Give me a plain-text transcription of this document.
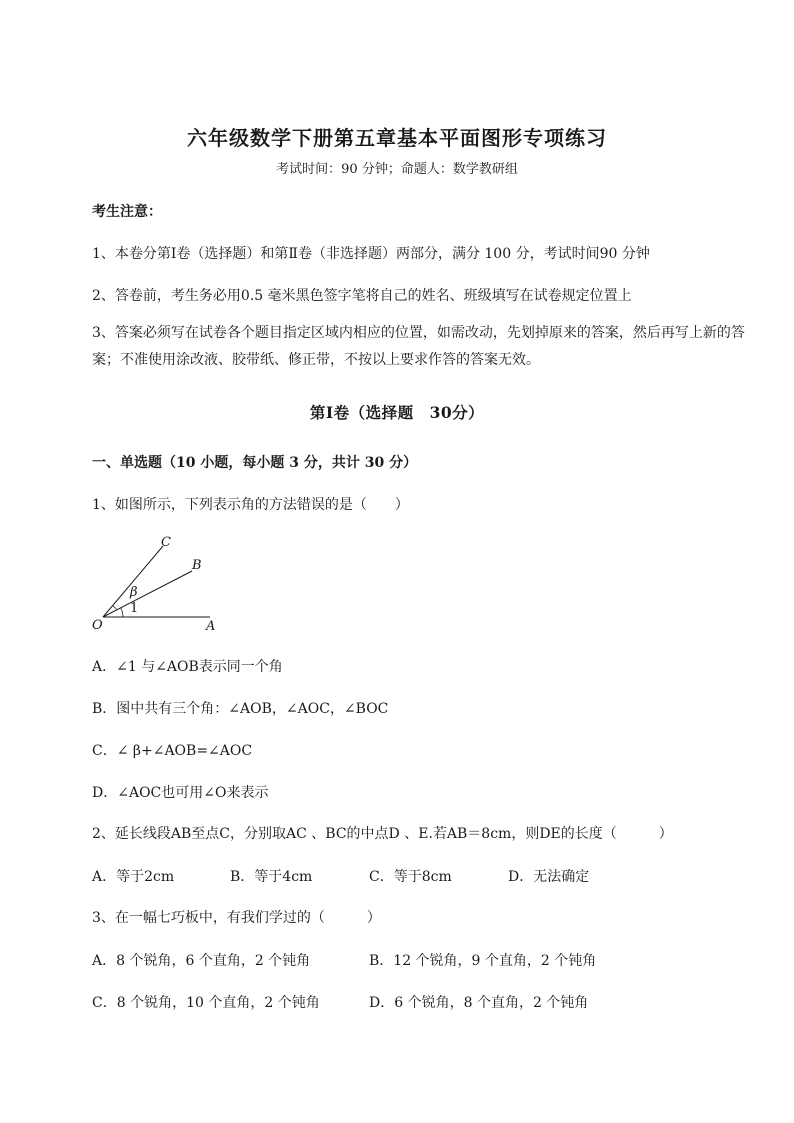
六年级数学下册第五章基本平面图形专项练习
考试时间：90 分钟；命题人：数学教研组
考生注意：
1、本卷分第Ⅰ卷（选择题）和第Ⅱ卷（非选择题）两部分，满分 100 分，考试时间90 分钟
2、答卷前，考生务必用0.5 毫米黑色签字笔将自己的姓名、班级填写在试卷规定位置上
3、答案必须写在试卷各个题目指定区域内相应的位置，如需改动，先划掉原来的答案，然后再写上新的答案；不准使用涂改液、胶带纸、修正带，不按以上要求作答的答案无效。
第Ⅰ卷（选择题　30分）
一、单选题（10 小题，每小题 3 分，共计 30 分）
1、如图所示，下列表示角的方法错误的是（　　）
C
B
β
1
O	A
A．∠1 与∠AOB表示同一个角
B．图中共有三个角：∠AOB，∠AOC，∠BOC
C．∠ β+∠AOB=∠AOC
D．∠AOC也可用∠O来表示
2、延长线段AB至点C，分别取AC 、BC的中点D 、E.若AB＝8cm，则DE的长度（　　　）
A．等于2cm	B．等于4cm	C．等于8cm	D．无法确定
3、在一幅七巧板中，有我们学过的（　　　）
A．8 个锐角，6 个直角，2 个钝角	B．12 个锐角，9 个直角，2 个钝角
C．8 个锐角，10 个直角，2 个钝角	D．6 个锐角，8 个直角，2 个钝角
